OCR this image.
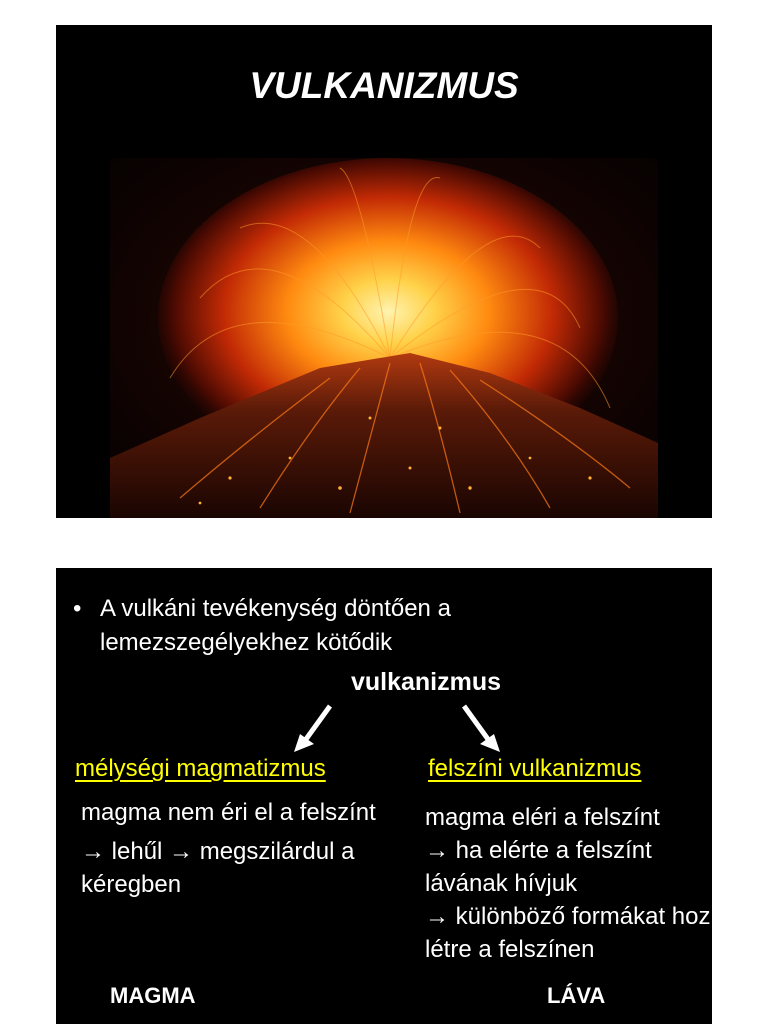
VULKANIZMUS
• A vulkáni tevékenység döntően a lemezszegélyekhez kötődik
vulkanizmus
mélységi magmatizmus	felszíni vulkanizmus

magma nem éri el a felszínt

→ lehűl → megszilárdul a kéregben

magma eléri a felszínt

→ ha elérte a felszínt lávának hívjuk

→ különböző formákat hoz létre a felszínen

MAGMA	LÁVA
